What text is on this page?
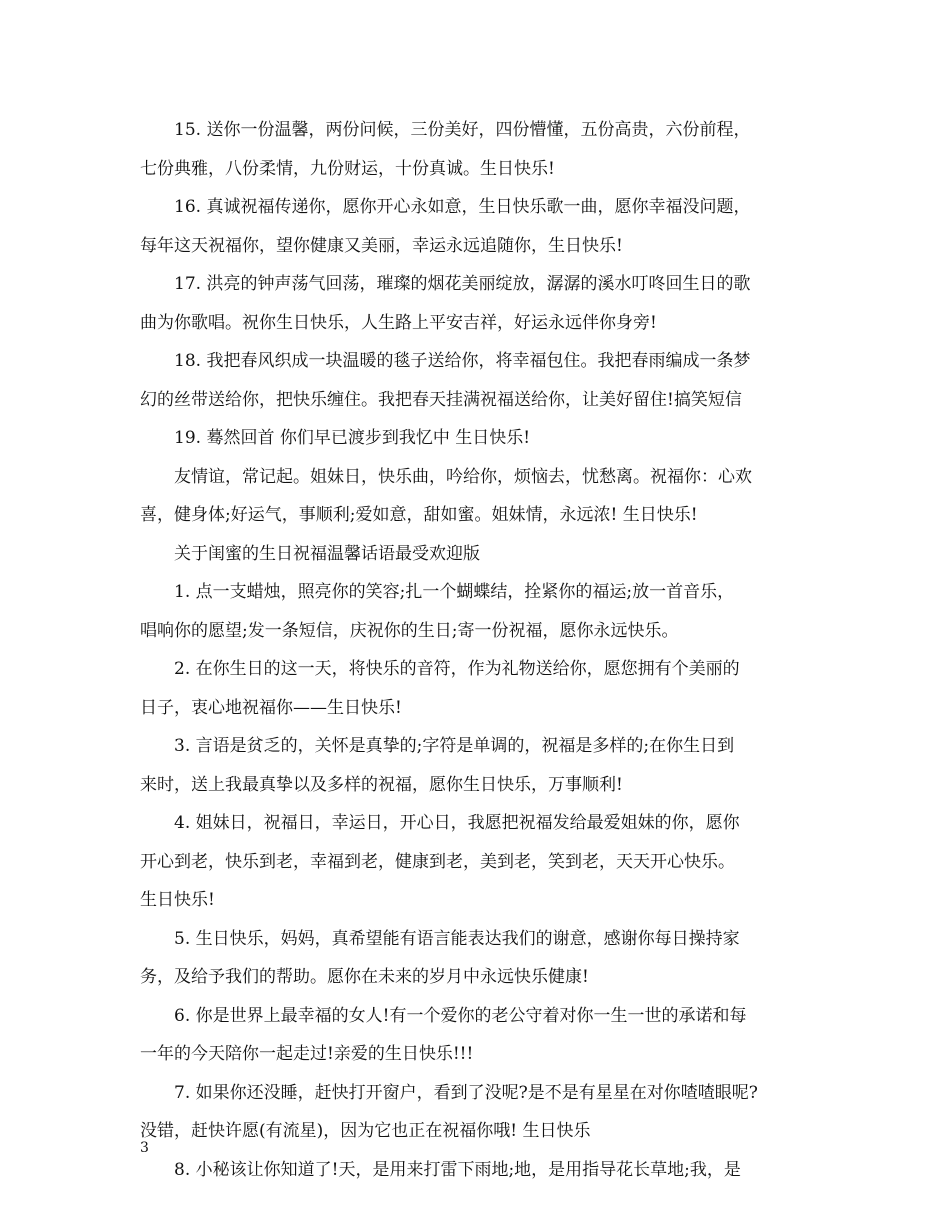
　　15. 送你一份温馨，两份问候，三份美好，四份懵懂，五份高贵，六份前程，
七份典雅，八份柔情，九份财运，十份真诚。生日快乐!
　　16. 真诚祝福传递你，愿你开心永如意，生日快乐歌一曲，愿你幸福没问题，
每年这天祝福你，望你健康又美丽，幸运永远追随你，生日快乐!
　　17. 洪亮的钟声荡气回荡，璀璨的烟花美丽绽放，潺潺的溪水叮咚回生日的歌
曲为你歌唱。祝你生日快乐，人生路上平安吉祥，好运永远伴你身旁!
　　18. 我把春风织成一块温暖的毯子送给你，将幸福包住。我把春雨编成一条梦
幻的丝带送给你，把快乐缠住。我把春天挂满祝福送给你，让美好留住!搞笑短信
　　19. 蓦然回首 你们早已渡步到我忆中 生日快乐!
　　友情谊，常记起。姐妹日，快乐曲，吟给你，烦恼去，忧愁离。祝福你：心欢
喜，健身体;好运气，事顺利;爱如意，甜如蜜。姐妹情，永远浓! 生日快乐!
　　关于闺蜜的生日祝福温馨话语最受欢迎版
　　1. 点一支蜡烛，照亮你的笑容;扎一个蝴蝶结，拴紧你的福运;放一首音乐，
唱响你的愿望;发一条短信，庆祝你的生日;寄一份祝福，愿你永远快乐。
　　2. 在你生日的这一天，将快乐的音符，作为礼物送给你，愿您拥有个美丽的
日子，衷心地祝福你——生日快乐!
　　3. 言语是贫乏的，关怀是真挚的;字符是单调的，祝福是多样的;在你生日到
来时，送上我最真挚以及多样的祝福，愿你生日快乐，万事顺利!
　　4. 姐妹日，祝福日，幸运日，开心日，我愿把祝福发给最爱姐妹的你，愿你
开心到老，快乐到老，幸福到老，健康到老，美到老，笑到老，天天开心快乐。
生日快乐!
　　5. 生日快乐，妈妈，真希望能有语言能表达我们的谢意，感谢你每日操持家
务，及给予我们的帮助。愿你在未来的岁月中永远快乐健康!
　　6. 你是世界上最幸福的女人!有一个爱你的老公守着对你一生一世的承诺和每
一年的今天陪你一起走过!亲爱的生日快乐!!!
　　7. 如果你还没睡，赶快打开窗户，看到了没呢?是不是有星星在对你喳喳眼呢?
没错，赶快许愿(有流星)，因为它也正在祝福你哦! 生日快乐
　　8. 小秘该让你知道了!天，是用来打雷下雨地;地，是用指导花长草地;我，是
3
